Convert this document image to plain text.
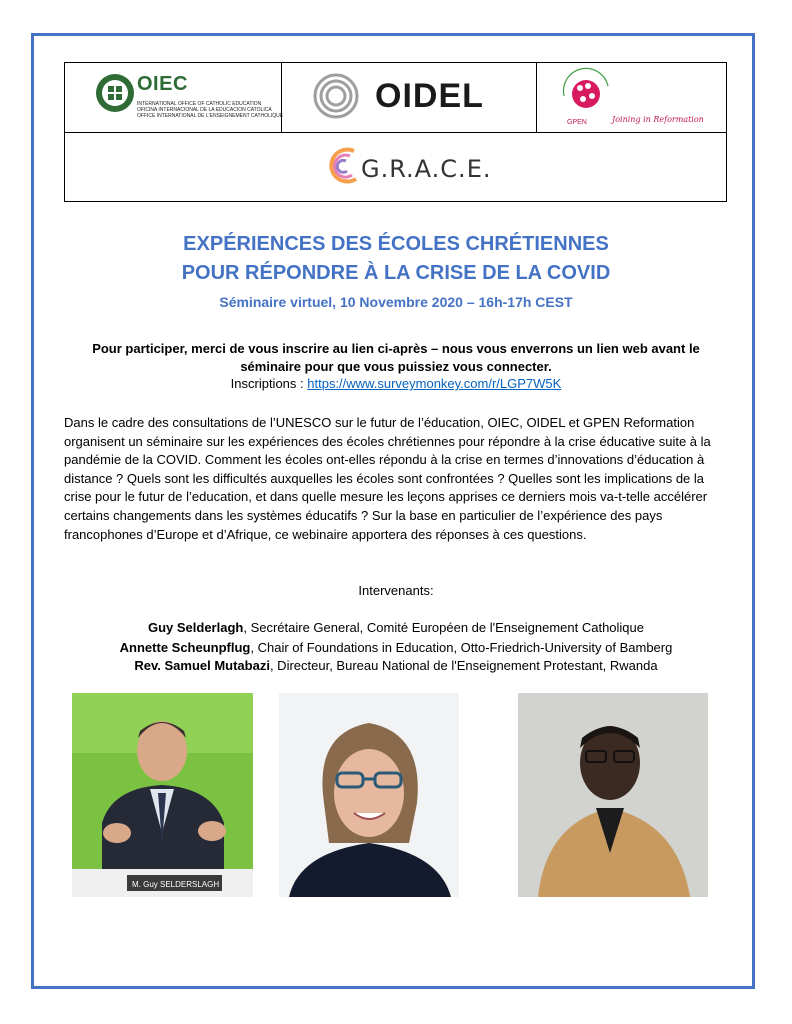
OIEC
INTERNATIONAL OFFICE OF CATHOLIC EDUCATION
OFICINA INTERNACIONAL DE LA EDUCACION CATOLICA
OFFICE INTERNATIONAL DE L'ENSEIGNEMENT CATHOLIQUE
OIDEL
GPEN	Joining in Reformation
G.R.A.C.E.
EXPÉRIENCES DES ÉCOLES CHRÉTIENNES
POUR RÉPONDRE À LA CRISE DE LA COVID
Séminaire virtuel, 10 Novembre 2020 – 16h-17h CEST
Pour participer, merci de vous inscrire au lien ci-après – nous vous enverrons un lien web avant le séminaire pour que vous puissiez vous connecter.
Inscriptions : https://www.surveymonkey.com/r/LGP7W5K
Dans le cadre des consultations de l’UNESCO sur le futur de l’éducation, OIEC, OIDEL et GPEN Reformation organisent un séminaire sur les expériences des écoles chrétiennes pour répondre à la crise éducative suite à la pandémie de la COVID. Comment les écoles ont-elles répondu à la crise en termes d’innovations d’éducation à distance ? Quels sont les difficultés auxquelles les écoles sont confrontées ? Quelles sont les implications de la crise pour le futur de l’education, et dans quelle mesure les leçons apprises ce derniers mois va-t-telle accélérer certains changements dans les systèmes éducatifs ? Sur la base en particulier de l’expérience des pays francophones d’Europe et d’Afrique, ce webinaire apportera des réponses à ces questions.
Intervenants:
Guy Selderlagh, Secrétaire General, Comité Européen de l'Enseignement Catholique
Annette Scheunpflug, Chair of Foundations in Education, Otto-Friedrich-University of Bamberg
Rev. Samuel Mutabazi, Directeur, Bureau National de l'Enseignement Protestant, Rwanda
M. Guy SELDERSLAGH
